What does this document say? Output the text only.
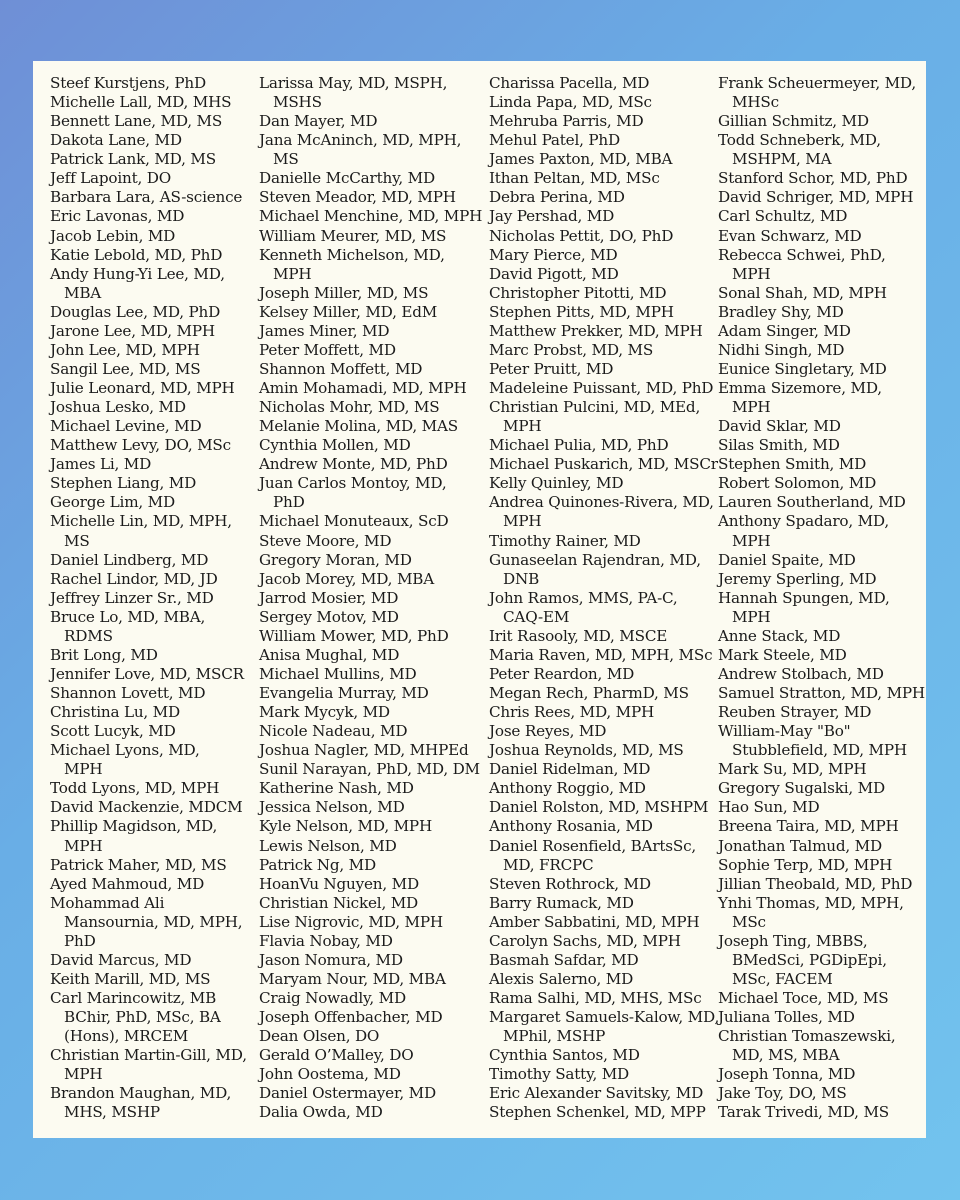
Steef Kurstjens, PhD
Michelle Lall, MD, MHS
Bennett Lane, MD, MS
Dakota Lane, MD
Patrick Lank, MD, MS
Jeff Lapoint, DO
Barbara Lara, AS-science
Eric Lavonas, MD
Jacob Lebin, MD
Katie Lebold, MD, PhD
Andy Hung-Yi Lee, MD,
MBA
Douglas Lee, MD, PhD
Jarone Lee, MD, MPH
John Lee, MD, MPH
Sangil Lee, MD, MS
Julie Leonard, MD, MPH
Joshua Lesko, MD
Michael Levine, MD
Matthew Levy, DO, MSc
James Li, MD
Stephen Liang, MD
George Lim, MD
Michelle Lin, MD, MPH,
MS
Daniel Lindberg, MD
Rachel Lindor, MD, JD
Jeffrey Linzer Sr., MD
Bruce Lo, MD, MBA,
RDMS
Brit Long, MD
Jennifer Love, MD, MSCR
Shannon Lovett, MD
Christina Lu, MD
Scott Lucyk, MD
Michael Lyons, MD,
MPH
Todd Lyons, MD, MPH
David Mackenzie, MDCM
Phillip Magidson, MD,
MPH
Patrick Maher, MD, MS
Ayed Mahmoud, MD
Mohammad Ali
Mansournia, MD, MPH,
PhD
David Marcus, MD
Keith Marill, MD, MS
Carl Marincowitz, MB
BChir, PhD, MSc, BA
(Hons), MRCEM
Christian Martin-Gill, MD,
MPH
Brandon Maughan, MD,
MHS, MSHP
Larissa May, MD, MSPH,
MSHS
Dan Mayer, MD
Jana McAninch, MD, MPH,
MS
Danielle McCarthy, MD
Steven Meador, MD, MPH
Michael Menchine, MD, MPH
William Meurer, MD, MS
Kenneth Michelson, MD,
MPH
Joseph Miller, MD, MS
Kelsey Miller, MD, EdM
James Miner, MD
Peter Moffett, MD
Shannon Moffett, MD
Amin Mohamadi, MD, MPH
Nicholas Mohr, MD, MS
Melanie Molina, MD, MAS
Cynthia Mollen, MD
Andrew Monte, MD, PhD
Juan Carlos Montoy, MD,
PhD
Michael Monuteaux, ScD
Steve Moore, MD
Gregory Moran, MD
Jacob Morey, MD, MBA
Jarrod Mosier, MD
Sergey Motov, MD
William Mower, MD, PhD
Anisa Mughal, MD
Michael Mullins, MD
Evangelia Murray, MD
Mark Mycyk, MD
Nicole Nadeau, MD
Joshua Nagler, MD, MHPEd
Sunil Narayan, PhD, MD, DM
Katherine Nash, MD
Jessica Nelson, MD
Kyle Nelson, MD, MPH
Lewis Nelson, MD
Patrick Ng, MD
HoanVu Nguyen, MD
Christian Nickel, MD
Lise Nigrovic, MD, MPH
Flavia Nobay, MD
Jason Nomura, MD
Maryam Nour, MD, MBA
Craig Nowadly, MD
Joseph Offenbacher, MD
Dean Olsen, DO
Gerald O’Malley, DO
John Oostema, MD
Daniel Ostermayer, MD
Dalia Owda, MD
Charissa Pacella, MD
Linda Papa, MD, MSc
Mehruba Parris, MD
Mehul Patel, PhD
James Paxton, MD, MBA
Ithan Peltan, MD, MSc
Debra Perina, MD
Jay Pershad, MD
Nicholas Pettit, DO, PhD
Mary Pierce, MD
David Pigott, MD
Christopher Pitotti, MD
Stephen Pitts, MD, MPH
Matthew Prekker, MD, MPH
Marc Probst, MD, MS
Peter Pruitt, MD
Madeleine Puissant, MD, PhD
Christian Pulcini, MD, MEd,
MPH
Michael Pulia, MD, PhD
Michael Puskarich, MD, MSCr
Kelly Quinley, MD
Andrea Quinones-Rivera, MD,
MPH
Timothy Rainer, MD
Gunaseelan Rajendran, MD,
DNB
John Ramos, MMS, PA-C,
CAQ-EM
Irit Rasooly, MD, MSCE
Maria Raven, MD, MPH, MSc
Peter Reardon, MD
Megan Rech, PharmD, MS
Chris Rees, MD, MPH
Jose Reyes, MD
Joshua Reynolds, MD, MS
Daniel Ridelman, MD
Anthony Roggio, MD
Daniel Rolston, MD, MSHPM
Anthony Rosania, MD
Daniel Rosenfield, BArtsSc,
MD, FRCPC
Steven Rothrock, MD
Barry Rumack, MD
Amber Sabbatini, MD, MPH
Carolyn Sachs, MD, MPH
Basmah Safdar, MD
Alexis Salerno, MD
Rama Salhi, MD, MHS, MSc
Margaret Samuels-Kalow, MD,
MPhil, MSHP
Cynthia Santos, MD
Timothy Satty, MD
Eric Alexander Savitsky, MD
Stephen Schenkel, MD, MPP
Frank Scheuermeyer, MD,
MHSc
Gillian Schmitz, MD
Todd Schneberk, MD,
MSHPM, MA
Stanford Schor, MD, PhD
David Schriger, MD, MPH
Carl Schultz, MD
Evan Schwarz, MD
Rebecca Schwei, PhD,
MPH
Sonal Shah, MD, MPH
Bradley Shy, MD
Adam Singer, MD
Nidhi Singh, MD
Eunice Singletary, MD
Emma Sizemore, MD,
MPH
David Sklar, MD
Silas Smith, MD
Stephen Smith, MD
Robert Solomon, MD
Lauren Southerland, MD
Anthony Spadaro, MD,
MPH
Daniel Spaite, MD
Jeremy Sperling, MD
Hannah Spungen, MD,
MPH
Anne Stack, MD
Mark Steele, MD
Andrew Stolbach, MD
Samuel Stratton, MD, MPH
Reuben Strayer, MD
William-May "Bo"
Stubblefield, MD, MPH
Mark Su, MD, MPH
Gregory Sugalski, MD
Hao Sun, MD
Breena Taira, MD, MPH
Jonathan Talmud, MD
Sophie Terp, MD, MPH
Jillian Theobald, MD, PhD
Ynhi Thomas, MD, MPH,
MSc
Joseph Ting, MBBS,
BMedSci, PGDipEpi,
MSc, FACEM
Michael Toce, MD, MS
Juliana Tolles, MD
Christian Tomaszewski,
MD, MS, MBA
Joseph Tonna, MD
Jake Toy, DO, MS
Tarak Trivedi, MD, MS
